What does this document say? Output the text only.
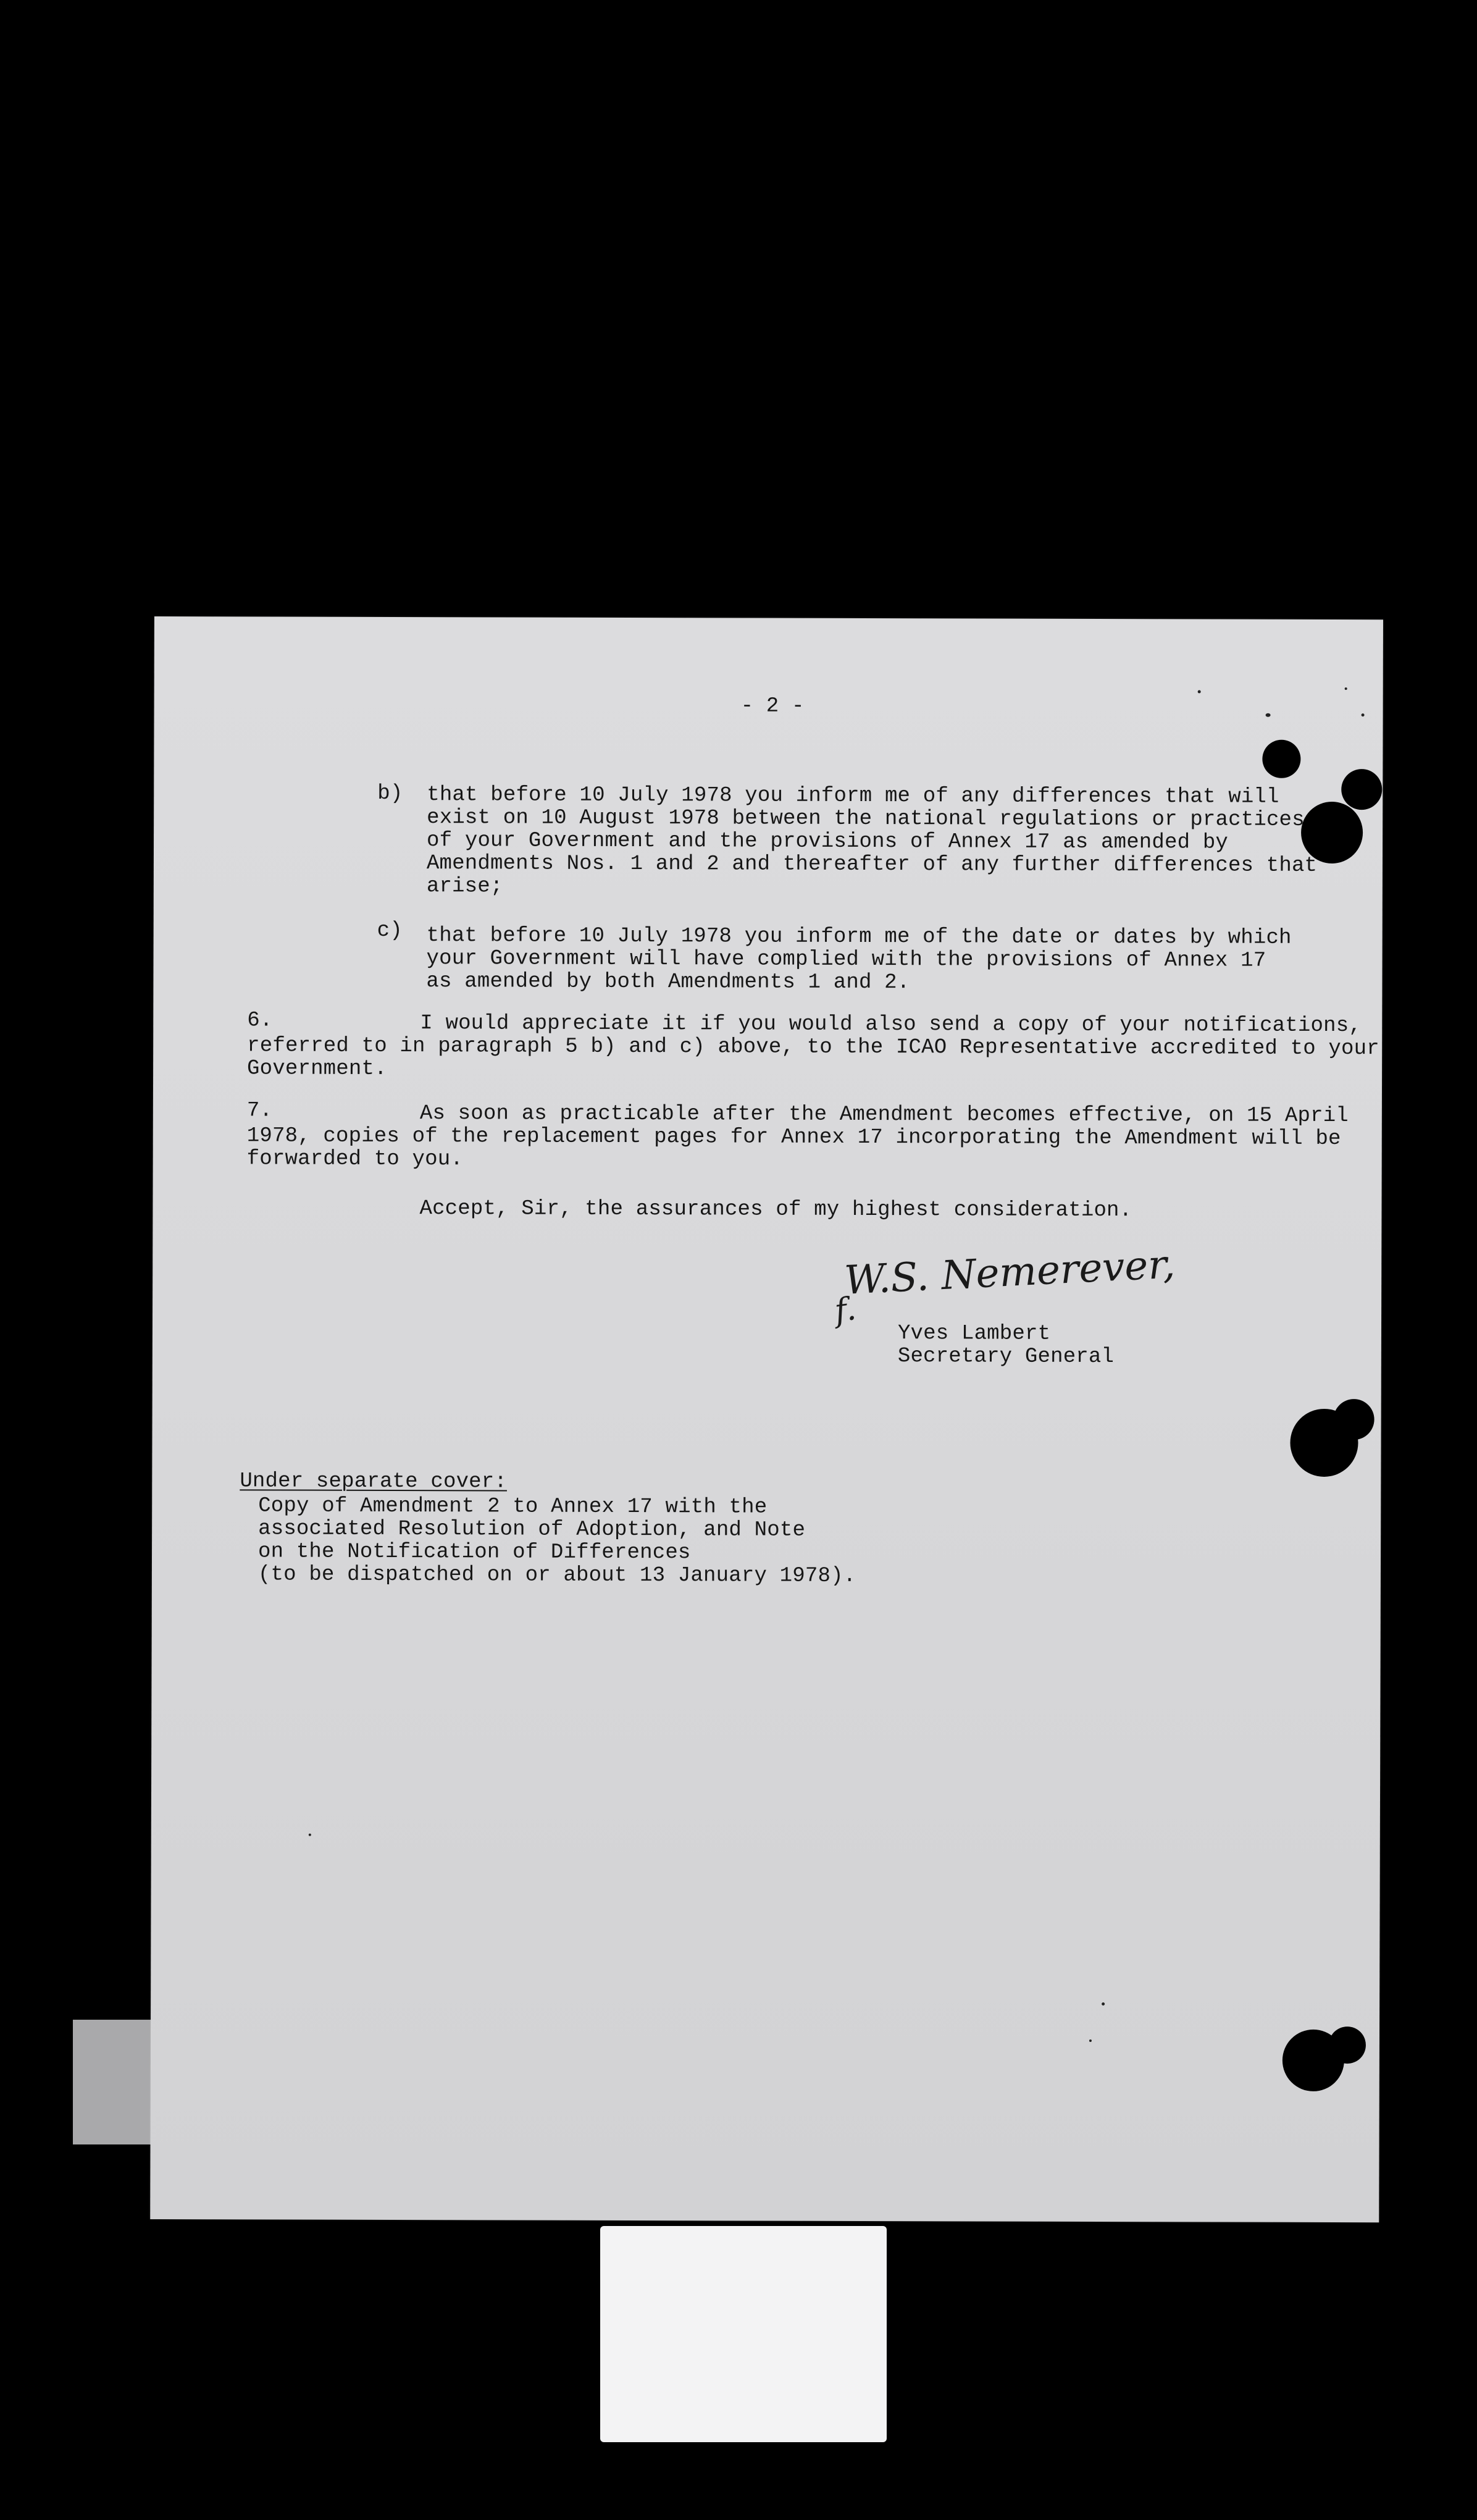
- 2 -
b) that before 10 July 1978 you inform me of any differences that will
exist on 10 August 1978 between the national regulations or practices
of your Government and the provisions of Annex 17 as amended by
Amendments Nos. 1 and 2 and thereafter of any further differences that
arise;
c) that before 10 July 1978 you inform me of the date or dates by which
your Government will have complied with the provisions of Annex 17
as amended by both Amendments 1 and 2.
6.	I would appreciate it if you would also send a copy of your notifications,
referred to in paragraph 5 b) and c) above, to the ICAO Representative accredited to your
Government.
7.	As soon as practicable after the Amendment becomes effective, on 15 April
1978, copies of the replacement pages for Annex 17 incorporating the Amendment will be
forwarded to you.
Accept, Sir, the assurances of my highest consideration.
W.S. Nemerever,
f.
Yves Lambert
Secretary General
Under separate cover:
Copy of Amendment 2 to Annex 17 with the
associated Resolution of Adoption, and Note
on the Notification of Differences
(to be dispatched on or about 13 January 1978).
